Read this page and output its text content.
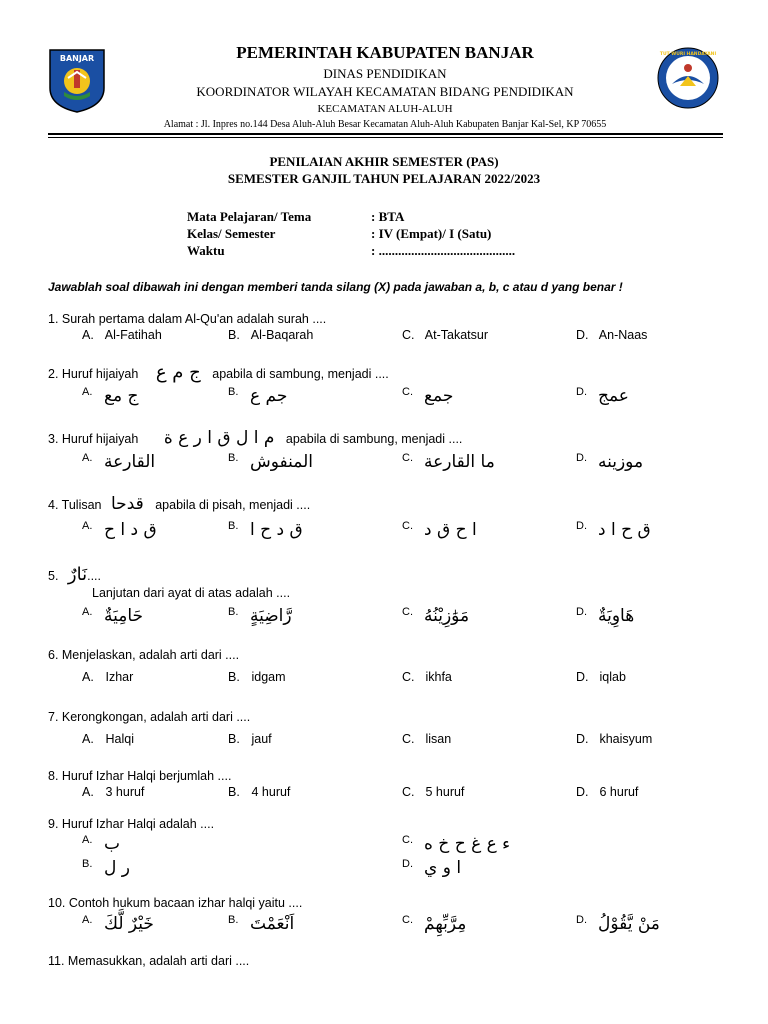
BANJAR	TUT WURI HANDAYANI
PEMERINTAH KABUPATEN BANJAR
DINAS PENDIDIKAN
KOORDINATOR WILAYAH KECAMATAN BIDANG PENDIDIKAN
KECAMATAN ALUH-ALUH
Alamat : Jl. Inpres no.144 Desa Aluh-Aluh Besar Kecamatan Aluh-Aluh Kabupaten Banjar Kal-Sel, KP 70655
PENILAIAN AKHIR SEMESTER (PAS)
SEMESTER GANJIL TAHUN PELAJARAN 2022/2023
Mata Pelajaran/ Tema	: BTA
Kelas/ Semester	: IV (Empat)/ I (Satu)
Waktu	: ..........................................
Jawablah soal dibawah ini dengan memberi tanda silang (X) pada jawaban a, b, c atau d yang benar !
1. Surah pertama dalam Al-Qu'an adalah surah ....
A. Al-Fatihah	B. Al-Baqarah	C. At-Takatsur	D. An-Naas
2. Huruf hijaiyah ج م ع apabila di sambung, menjadi ....
A. ج مع	B. جم ع	C. جمع	D. عمج
3. Huruf hijaiyah م ا ل ق ا ر ع ة apabila di sambung, menjadi ....
A. القارعة	B. المنفوش	C. ما القارعة	D. موزينه
4. Tulisan قدحا apabila di pisah, menjadi ....
A. ق د ا ح	B. ق د ح ا	C. ا ح ق د	D. ق ح ا د
5. نَارٌ....
Lanjutan dari ayat di atas adalah ....
A. حَامِيَةٌ	B. رَّاضِيَةٍ	C. مَوَٰزِيْنُهُ	D. هَاوِيَةٌ
6. Menjelaskan, adalah arti dari ....
A. Izhar	B. idgam	C. ikhfa	D. iqlab
7. Kerongkongan, adalah arti dari ....
A. Halqi	B. jauf	C. lisan	D. khaisyum
8. Huruf Izhar Halqi berjumlah ....
A. 3 huruf	B. 4 huruf	C. 5 huruf	D. 6 huruf
9. Huruf Izhar Halqi adalah ....
A. ب	C. ء ع غ ح خ ه
B. ر ل	D. ا و ي
10. Contoh hukum bacaan izhar halqi yaitu ....
A. خَيْرٌ لَّكَ	B. اَنْعَمْتَ	C. مِرَّبِّهِمْ	D. مَنْ يَّقُوْلُ
11. Memasukkan, adalah arti dari ....
